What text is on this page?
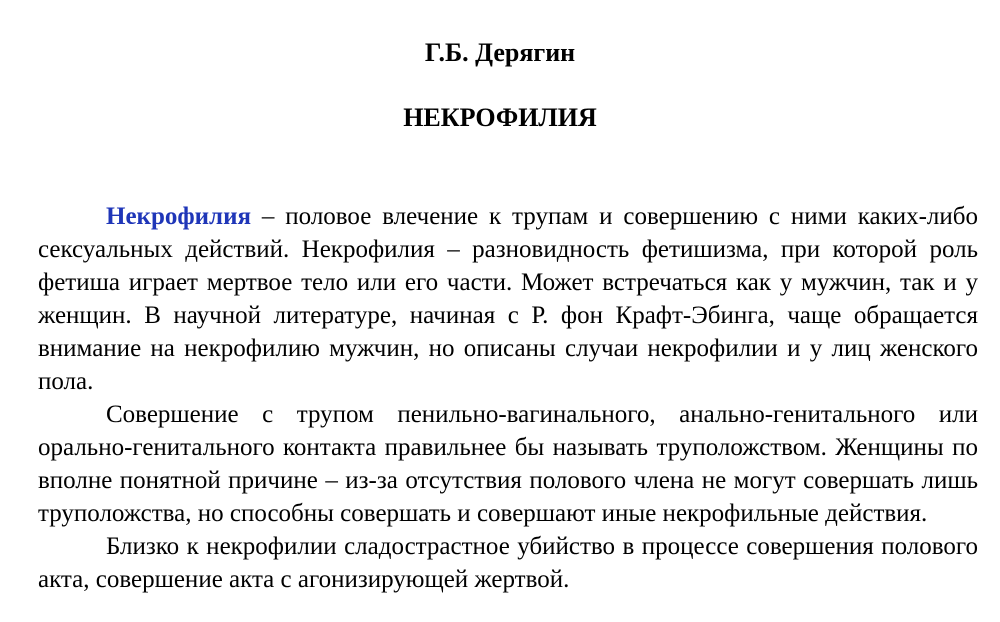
Г.Б. Дерягин
НЕКРОФИЛИЯ

Некрофилия – половое влечение к трупам и совершению с ними каких-либо сексуальных действий. Некрофилия – разновидность фетишизма, при которой роль фетиша играет мертвое тело или его части. Может встречаться как у мужчин, так и у женщин. В научной литературе, начиная с Р. фон Крафт-Эбинга, чаще обращается внимание на некрофилию мужчин, но описаны случаи некрофилии и у лиц женского пола.

Совершение с трупом пенильно-вагинального, анально-генитального или орально-генитального контакта правильнее бы называть труположством. Женщины по вполне понятной причине – из-за отсутствия полового члена не могут совершать лишь труположства, но способны совершать и совершают иные некрофильные действия.

Близко к некрофилии сладострастное убийство в процессе совершения полового акта, совершение акта с агонизирующей жертвой.
